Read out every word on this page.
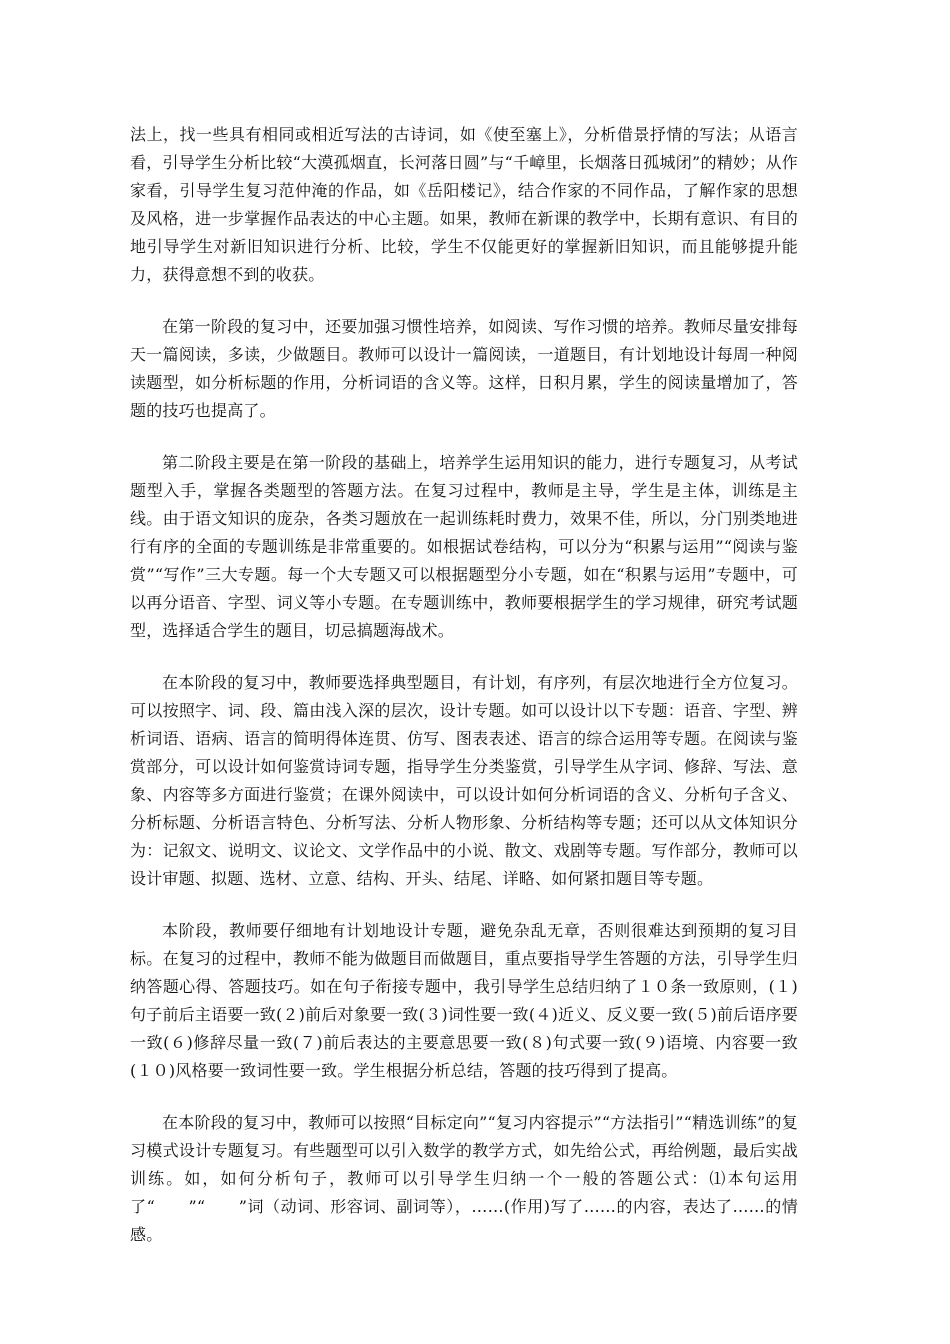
法上，找一些具有相同或相近写法的古诗词，如《使至塞上》，分析借景抒情的写法；从语言看，引导学生分析比较“大漠孤烟直，长河落日圆”与“千嶂里，长烟落日孤城闭”的精妙；从作家看，引导学生复习范仲淹的作品，如《岳阳楼记》，结合作家的不同作品，了解作家的思想及风格，进一步掌握作品表达的中心主题。如果，教师在新课的教学中，长期有意识、有目的地引导学生对新旧知识进行分析、比较，学生不仅能更好的掌握新旧知识，而且能够提升能力，获得意想不到的收获。

在第一阶段的复习中，还要加强习惯性培养，如阅读、写作习惯的培养。教师尽量安排每天一篇阅读，多读，少做题目。教师可以设计一篇阅读，一道题目，有计划地设计每周一种阅读题型，如分析标题的作用，分析词语的含义等。这样，日积月累，学生的阅读量增加了，答题的技巧也提高了。

第二阶段主要是在第一阶段的基础上，培养学生运用知识的能力，进行专题复习，从考试题型入手，掌握各类题型的答题方法。在复习过程中，教师是主导，学生是主体，训练是主线。由于语文知识的庞杂，各类习题放在一起训练耗时费力，效果不佳，所以，分门别类地进行有序的全面的专题训练是非常重要的。如根据试卷结构，可以分为“积累与运用”“阅读与鉴赏”“写作”三大专题。每一个大专题又可以根据题型分小专题，如在“积累与运用”专题中，可以再分语音、字型、词义等小专题。在专题训练中，教师要根据学生的学习规律，研究考试题型，选择适合学生的题目，切忌搞题海战术。

在本阶段的复习中，教师要选择典型题目，有计划，有序列，有层次地进行全方位复习。可以按照字、词、段、篇由浅入深的层次，设计专题。如可以设计以下专题：语音、字型、辨析词语、语病、语言的简明得体连贯、仿写、图表表述、语言的综合运用等专题。在阅读与鉴赏部分，可以设计如何鉴赏诗词专题，指导学生分类鉴赏，引导学生从字词、修辞、写法、意象、内容等多方面进行鉴赏；在课外阅读中，可以设计如何分析词语的含义、分析句子含义、分析标题、分析语言特色、分析写法、分析人物形象、分析结构等专题；还可以从文体知识分为：记叙文、说明文、议论文、文学作品中的小说、散文、戏剧等专题。写作部分，教师可以设计审题、拟题、选材、立意、结构、开头、结尾、详略、如何紧扣题目等专题。

本阶段，教师要仔细地有计划地设计专题，避免杂乱无章，否则很难达到预期的复习目标。在复习的过程中，教师不能为做题目而做题目，重点要指导学生答题的方法，引导学生归纳答题心得、答题技巧。如在句子衔接专题中，我引导学生总结归纳了１０条一致原则，(１)句子前后主语要一致(２)前后对象要一致(３)词性要一致(４)近义、反义要一致(５)前后语序要一致(６)修辞尽量一致(７)前后表达的主要意思要一致(８)句式要一致(９)语境、内容要一致(１０)风格要一致词性要一致。学生根据分析总结，答题的技巧得到了提高。

在本阶段的复习中，教师可以按照“目标定向”“复习内容提示”“方法指引”“精选训练”的复习模式设计专题复习。有些题型可以引入数学的教学方式，如先给公式，再给例题，最后实战训练。如，如何分析句子，教师可以引导学生归纳一个一般的答题公式：⑴本句运用了“　　”“　　”词（动词、形容词、副词等），……(作用)写了……的内容，表达了……的情感。
